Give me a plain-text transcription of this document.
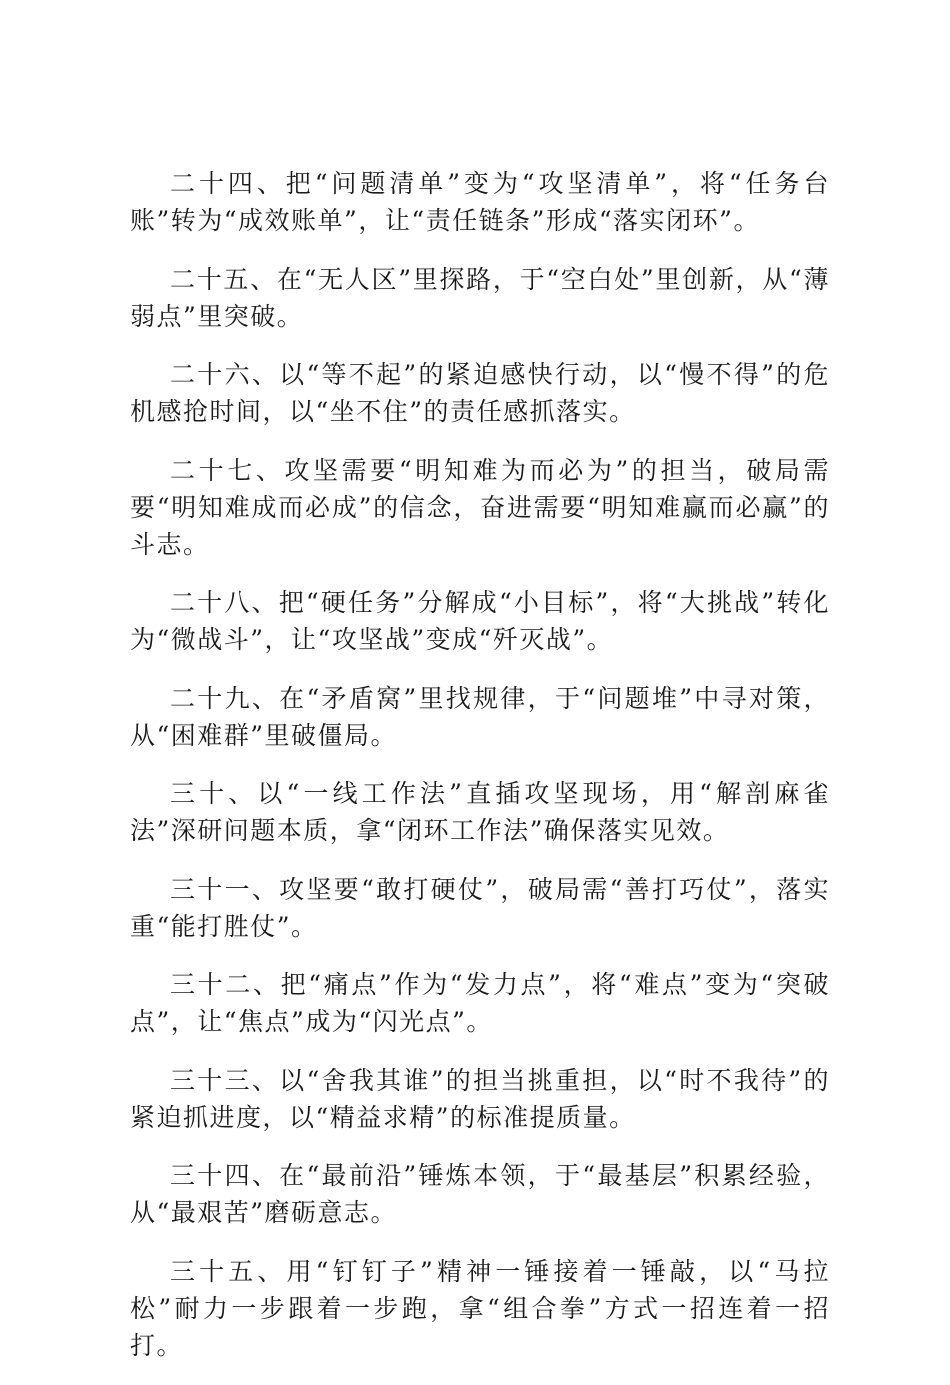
二十四、把“问题清单”变为“攻坚清单”，将“任务台账”转为“成效账单”，让“责任链条”形成“落实闭环”。

二十五、在“无人区”里探路，于“空白处”里创新，从“薄弱点”里突破。

二十六、以“等不起”的紧迫感快行动，以“慢不得”的危机感抢时间，以“坐不住”的责任感抓落实。

二十七、攻坚需要“明知难为而必为”的担当，破局需要“明知难成而必成”的信念，奋进需要“明知难赢而必赢”的斗志。

二十八、把“硬任务”分解成“小目标”，将“大挑战”转化为“微战斗”，让“攻坚战”变成“歼灭战”。

二十九、在“矛盾窝”里找规律，于“问题堆”中寻对策，从“困难群”里破僵局。

三十、以“一线工作法”直插攻坚现场，用“解剖麻雀法”深研问题本质，拿“闭环工作法”确保落实见效。

三十一、攻坚要“敢打硬仗”，破局需“善打巧仗”，落实重“能打胜仗”。

三十二、把“痛点”作为“发力点”，将“难点”变为“突破点”，让“焦点”成为“闪光点”。

三十三、以“舍我其谁”的担当挑重担，以“时不我待”的紧迫抓进度，以“精益求精”的标准提质量。

三十四、在“最前沿”锤炼本领，于“最基层”积累经验，从“最艰苦”磨砺意志。

三十五、用“钉钉子”精神一锤接着一锤敲，以“马拉松”耐力一步跟着一步跑，拿“组合拳”方式一招连着一招打。
